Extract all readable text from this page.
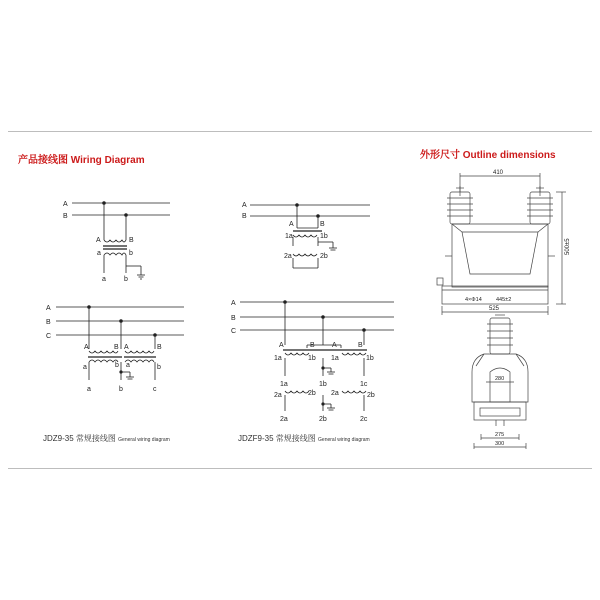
产品接线图 Wiring Diagram	外形尺寸 Outline dimensions
JDZ9-35 常规接线图 General wiring diagram	JDZF9-35 常规接线图 General wiring diagram
A
B
A	B
a	b
a	b
A
B
A	B
1a	1b
2a	2b
A
B
C
A	B A	B
a	b a	b
a	b	c
A
B
C
A	B A	B
1a	1b 1a	1b
1a	1b	1c
2a	2b 2a	2b
2a	2b	2c
410
500±5
4×Φ14	445±2
525
280
275
300
